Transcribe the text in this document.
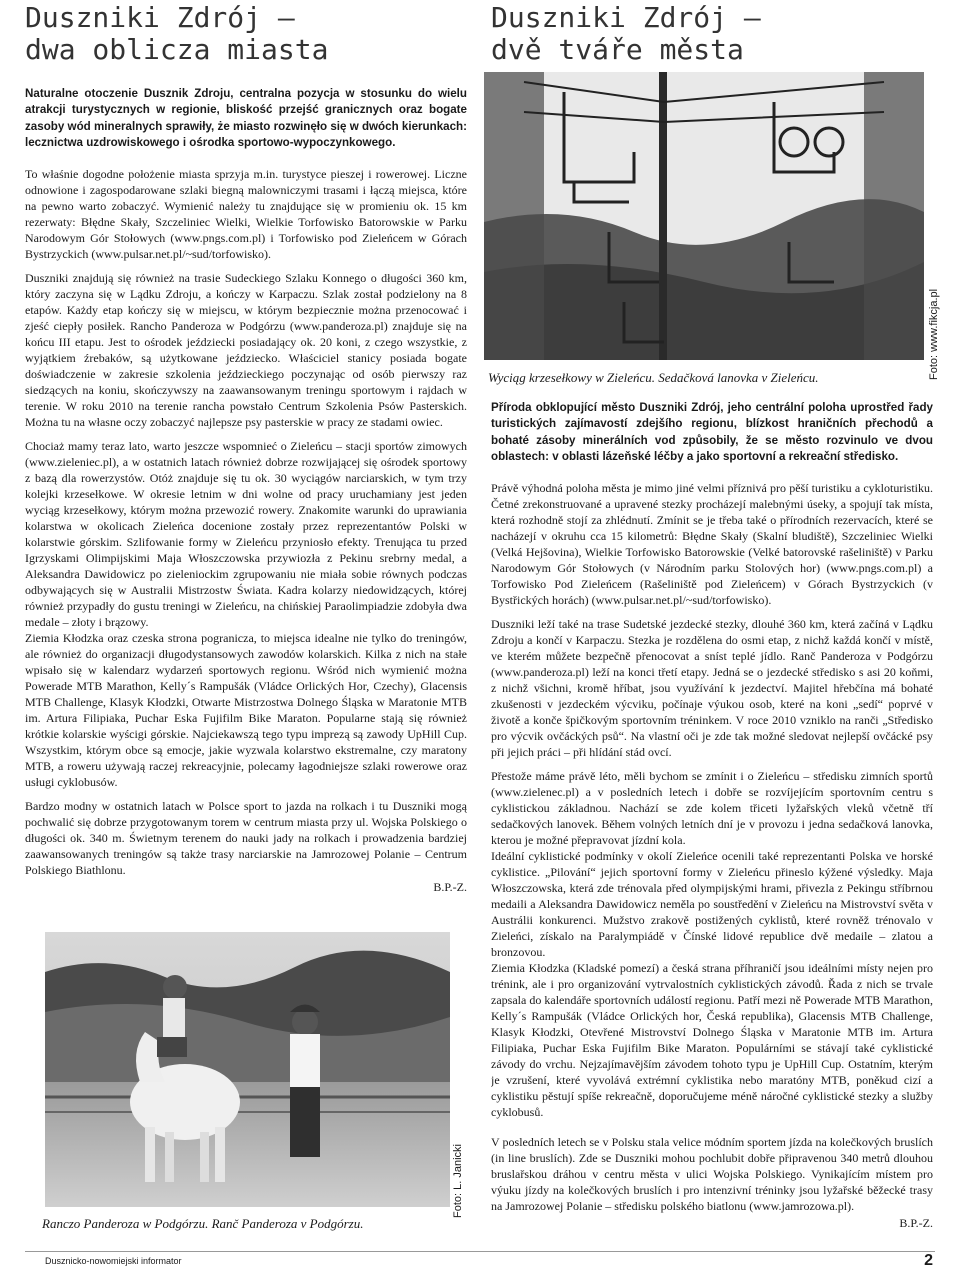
Duszniki Zdrój –
dwa oblicza miasta
Naturalne otoczenie Dusznik Zdroju, centralna pozycja w stosunku do wielu atrakcji turystycznych w regionie, bliskość przejść granicznych oraz bogate zasoby wód mineralnych sprawiły, że miasto rozwinęło się w dwóch kierunkach: lecznictwa uzdrowiskowego i ośrodka sportowo-wypoczynkowego.

To właśnie dogodne położenie miasta sprzyja m.in. turystyce pieszej i rowerowej. Liczne odnowione i zagospodarowane szlaki biegną malowniczymi trasami i łączą miejsca, które na pewno warto zobaczyć. Wymienić należy tu znajdujące się w promieniu ok. 15 km rezerwaty: Błędne Skały, Szczeliniec Wielki, Wielkie Torfowisko Batorowskie w Parku Narodowym Gór Stołowych (www.pngs.com.pl) i Torfowisko pod Zieleńcem w Górach Bystrzyckich (www.pulsar.net.pl/~sud/torfowisko).

Duszniki znajdują się również na trasie Sudeckiego Szlaku Konnego o długości 360 km, który zaczyna się w Lądku Zdroju, a kończy w Karpaczu. Szlak został podzielony na 8 etapów. Każdy etap kończy się w miejscu, w którym bezpiecznie można przenocować i zjeść ciepły posiłek. Rancho Panderoza w Podgórzu (www.panderoza.pl) znajduje się na końcu III etapu. Jest to ośrodek jeździecki posiadający ok. 20 koni, z czego wszystkie, z wyjątkiem źrebaków, są użytkowane jeździecko. Właściciel stanicy posiada bogate doświadczenie w zakresie szkolenia jeździeckiego poczynając od osób pierwszy raz siedzących na koniu, skończywszy na zaawansowanym treningu sportowym i rajdach w terenie. W roku 2010 na terenie rancha powstało Centrum Szkolenia Psów Pasterskich. Można tu na własne oczy zobaczyć najlepsze psy pasterskie w pracy ze stadami owiec.

Chociaż mamy teraz lato, warto jeszcze wspomnieć o Zieleńcu – stacji sportów zimowych (www.zieleniec.pl), a w ostatnich latach również dobrze rozwijającej się ośrodek sportowy z bazą dla rowerzystów. Otóż znajduje się tu ok. 30 wyciągów narciarskich, w tym trzy kolejki krzesełkowe. W okresie letnim w dni wolne od pracy uruchamiany jest jeden wyciąg krzesełkowy, którym można przewozić rowery. Znakomite warunki do uprawiania kolarstwa w okolicach Zieleńca docenione zostały przez reprezentantów Polski w kolarstwie górskim. Szlifowanie formy w Zieleńcu przyniosło efekty. Trenująca tu przed Igrzyskami Olimpijskimi Maja Włoszczowska przywiozła z Pekinu srebrny medal, a Aleksandra Dawidowicz po zieleniockim zgrupowaniu nie miała sobie równych podczas odbywających się w Australii Mistrzostw Świata. Kadra kolarzy niedowidzących, której również przypadły do gustu treningi w Zieleńcu, na chińskiej Paraolimpiadzie zdobyła dwa medale – złoty i brązowy.

Ziemia Kłodzka oraz czeska strona pogranicza, to miejsca idealne nie tylko do treningów, ale również do organizacji długodystansowych zawodów kolarskich. Kilka z nich na stałe wpisało się w kalendarz wydarzeń sportowych regionu. Wśród nich wymienić można Powerade MTB Marathon, Kelly´s Rampušák (Vládce Orlických Hor, Czechy), Glacensis MTB Challenge, Klasyk Kłodzki, Otwarte Mistrzostwa Dolnego Śląska w Maratonie MTB im. Artura Filipiaka, Puchar Eska Fujifilm Bike Maraton. Popularne stają się również krótkie kolarskie wyścigi górskie. Najciekawszą tego typu imprezą są zawody UpHill Cup. Wszystkim, którym obce są emocje, jakie wyzwala kolarstwo ekstremalne, czy maratony MTB, a roweru używają raczej rekreacyjnie, polecamy łagodniejsze szlaki rowerowe oraz usługi cyklobusów.

Bardzo modny w ostatnich latach w Polsce sport to jazda na rolkach i tu Dusznikі mogą pochwalić się dobrze przygotowanym torem w centrum miasta przy ul. Wojska Polskiego o długości ok. 340 m. Świetnym terenem do nauki jady na rolkach i prowadzenia bardziej zaawansowanych treningów są także trasy narciarskie na Jamrozowej Polanie – Centrum Polskiego Biathlonu.

B.P.-Z.
Ranczo Panderoza w Podgórzu. Ranč Panderoza v Podgórzu.
Foto: L. Janicki
Duszniki Zdrój –
dvě tváře města
Příroda obklopující město Duszniki Zdrój, jeho centrální poloha uprostřed řady turistických zajímavostí zdejšího regionu, blízkost hraničních přechodů a bohaté zásoby minerálních vod způsobily, že se město rozvinulo ve dvou oblastech: v oblasti lázeňské léčby a jako sportovní a rekreační středisko.

Právě výhodná poloha města je mimo jiné velmi příznivá pro pěší turistiku a cykloturistiku. Četné zrekonstruované a upravené stezky procházejí malebnými úseky, a spojují tak místa, která rozhodně stojí za zhlédnutí. Zmínit se je třeba také o přírodních rezervacích, které se nacházejí v okruhu cca 15 kilometrů: Błędne Skały (Skalní bludiště), Szczeliniec Wielki (Velká Hejšovina), Wielkie Torfowisko Batorowskie (Velké batorovské rašeliniště) v Parku Narodowym Gór Stołowych (v Národním parku Stolových hor) (www.pngs.com.pl) a Torfowisko Pod Zieleńcem (Rašeliniště pod Zieleńcem) v Górach Bystrzyckich (v Bystřických horách) (www.pulsar.net.pl/~sud/torfowisko).

Duszniki leží také na trase Sudetské jezdecké stezky, dlouhé 360 km, která začíná v Lądku Zdroju a končí v Karpaczu. Stezka je rozdělena do osmi etap, z nichž každá končí v místě, ve kterém můžete bezpečně přenocovat a sníst teplé jídlo. Ranč Panderoza v Podgórzu (www.panderoza.pl) leží na konci třetí etapy. Jedná se o jezdecké středisko s asi 20 koňmi, z nichž všichni, kromě hříbat, jsou využívání k jezdectví. Majitel hřebčína má bohaté zkušenosti v jezdeckém výcviku, počínaje výukou osob, které na koni „sedí“ poprvé v životě a konče špičkovým sportovním tréninkem. V roce 2010 vzniklo na ranči „Středisko pro výcvik ovčáckých psů“. Na vlastní oči je zde tak možné sledovat nejlepší ovčácké psy při jejich práci – při hlídání stád ovcí.

Přestože máme právě léto, měli bychom se zmínit i o Zieleńcu – středisku zimních sportů (www.zielenec.pl) a v posledních letech i dobře se rozvíjejícím sportovním centru s cyklistickou základnou. Nachází se zde kolem třiceti lyžařských vleků včetně tří sedačkových lanovek. Během volných letních dní je v provozu i jedna sedačková lanovka, kterou je možné přepravovat jízdní kola.

Ideální cyklistické podmínky v okolí Zieleńce ocenili také reprezentanti Polska ve horské cyklistice. „Pilování“ jejich sportovní formy v Zieleńcu přineslo kýžené výsledky. Maja Włoszczowska, která zde trénovala před olympijskými hrami, přivezla z Pekingu stříbrnou medaili a Aleksandra Dawidowicz neměla po soustředění v Zieleńcu na Mistrovství světa v Austrálii konkurenci. Mužstvo zrakově postižených cyklistů, které rovněž trénovalo v Zieleńci, získalo na Paralympiádě v Čínské lidové republice dvě medaile – zlatou a bronzovou.

Ziemia Kłodzka (Kladské pomezí) a česká strana příhraničí jsou ideálními místy nejen pro trénink, ale i pro organizování vytrvalostních cyklistických závodů. Řada z nich se trvale zapsala do kalendáře sportovních událostí regionu. Patří mezi ně Powerade MTB Marathon, Kelly´s Rampušák (Vládce Orlických hor, Česká republika), Glacensis MTB Challenge, Klasyk Kłodzki, Otevřené Mistrovství Dolnego Śląska v Maratonie MTB im. Artura Filipiaka, Puchar Eska Fujifilm Bike Maraton. Populárními se stávají také cyklistické závody do vrchu. Nejzajímavějším závodem tohoto typu je UpHill Cup. Ostatním, kterým je vzrušení, které vyvolává extrémní cyklistika nebo maratóny MTB, poněkud cizí a cyklistiku pěstují spíše rekreačně, doporučujeme méně náročné cyklistické stezky a služby cyklobusů.

V posledních letech se v Polsku stala velice módním sportem jízda na kolečkových bruslích (in line bruslích). Zde se Duszniki mohou pochlubit dobře připravenou 340 metrů dlouhou bruslařskou dráhou v centru města v ulici Wojska Polskiego. Vynikajícím místem pro výuku jízdy na kolečkových bruslích i pro intenzivní tréninky jsou lyžařské běžecké trasy na Jamrozowej Polanie – středisku polského biatlonu (www.jamrozowa.pl).

B.P.-Z.
Wyciąg krzesełkowy w Zieleńcu. Sedačková lanovka v Zieleńcu.	Foto: www.fikcja.pl
Dusznicko-nowomiejski informator	2
